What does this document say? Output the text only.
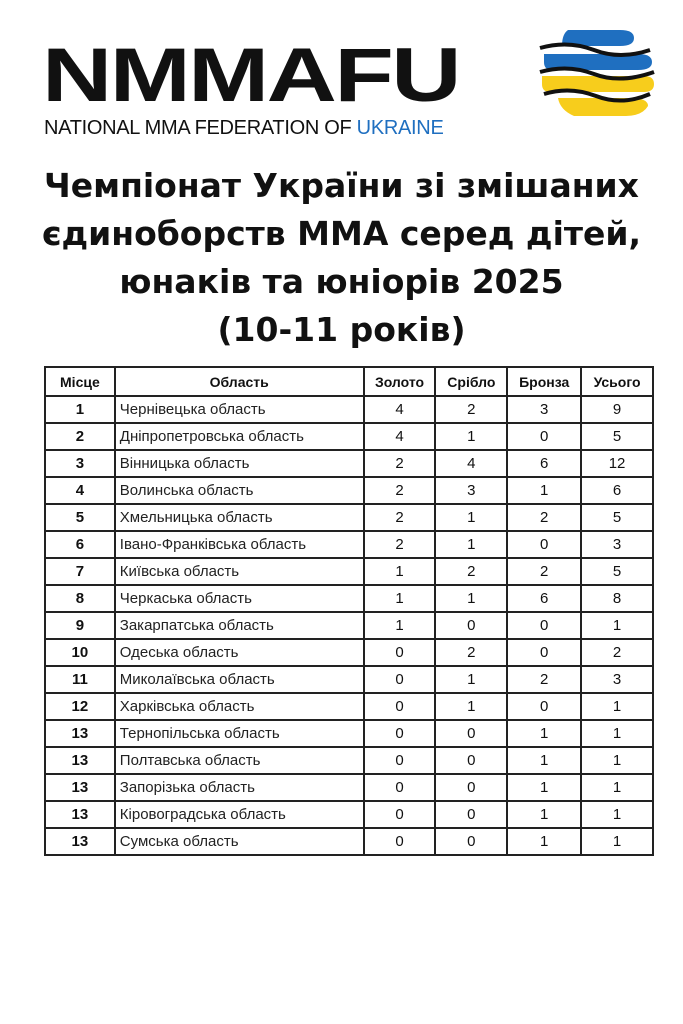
NMMAFU
NATIONAL MMA FEDERATION OF UKRAINE
Чемпіонат України зі змішаних
єдиноборств ММА серед дітей,
юнаків та юніорів 2025
(10-11 років)
Місце	Область	Золото	Срібло	Бронза	Усього
1	Чернівецька область	4	2	3	9
2	Дніпропетровська область	4	1	0	5
3	Вінницька область	2	4	6	12
4	Волинська область	2	3	1	6
5	Хмельницька область	2	1	2	5
6	Івано-Франківська область	2	1	0	3
7	Київська область	1	2	2	5
8	Черкаська область	1	1	6	8
9	Закарпатська область	1	0	0	1
10	Одеська область	0	2	0	2
11	Миколаївська область	0	1	2	3
12	Харківська область	0	1	0	1
13	Тернопільська область	0	0	1	1
13	Полтавська область	0	0	1	1
13	Запорізька область	0	0	1	1
13	Кіровоградська область	0	0	1	1
13	Сумська область	0	0	1	1
